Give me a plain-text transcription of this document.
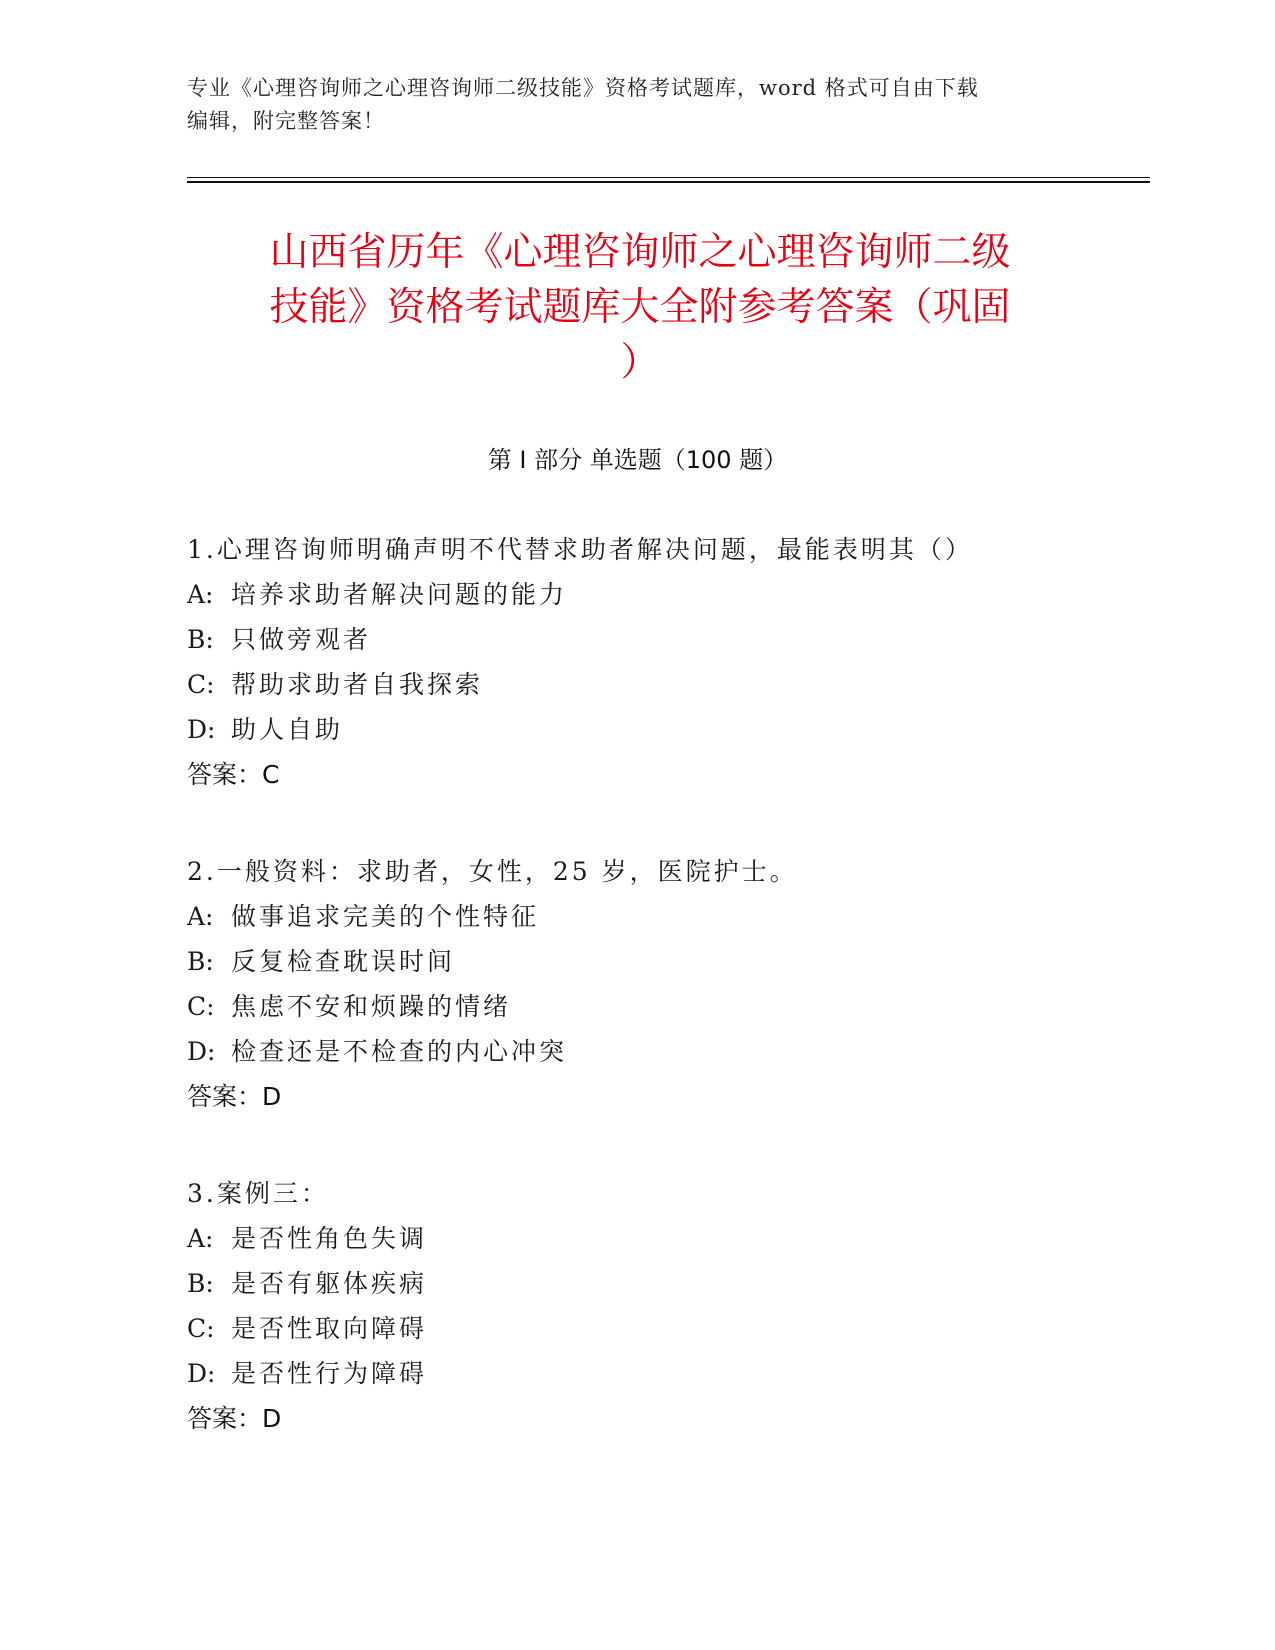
专业《心理咨询师之心理咨询师二级技能》资格考试题库，word 格式可自由下载
编辑，附完整答案！
山西省历年《心理咨询师之心理咨询师二级
技能》资格考试题库大全附参考答案（巩固
）
第 I 部分 单选题（100 题）
1.心理咨询师明确声明不代替求助者解决问题，最能表明其（）
A: 培养求助者解决问题的能力
B: 只做旁观者
C: 帮助求助者自我探索
D: 助人自助
答案：C
2.一般资料：求助者，女性，25 岁，医院护士。
A: 做事追求完美的个性特征
B: 反复检查耽误时间
C: 焦虑不安和烦躁的情绪
D: 检查还是不检查的内心冲突
答案：D
3.案例三：
A: 是否性角色失调
B: 是否有躯体疾病
C: 是否性取向障碍
D: 是否性行为障碍
答案：D
